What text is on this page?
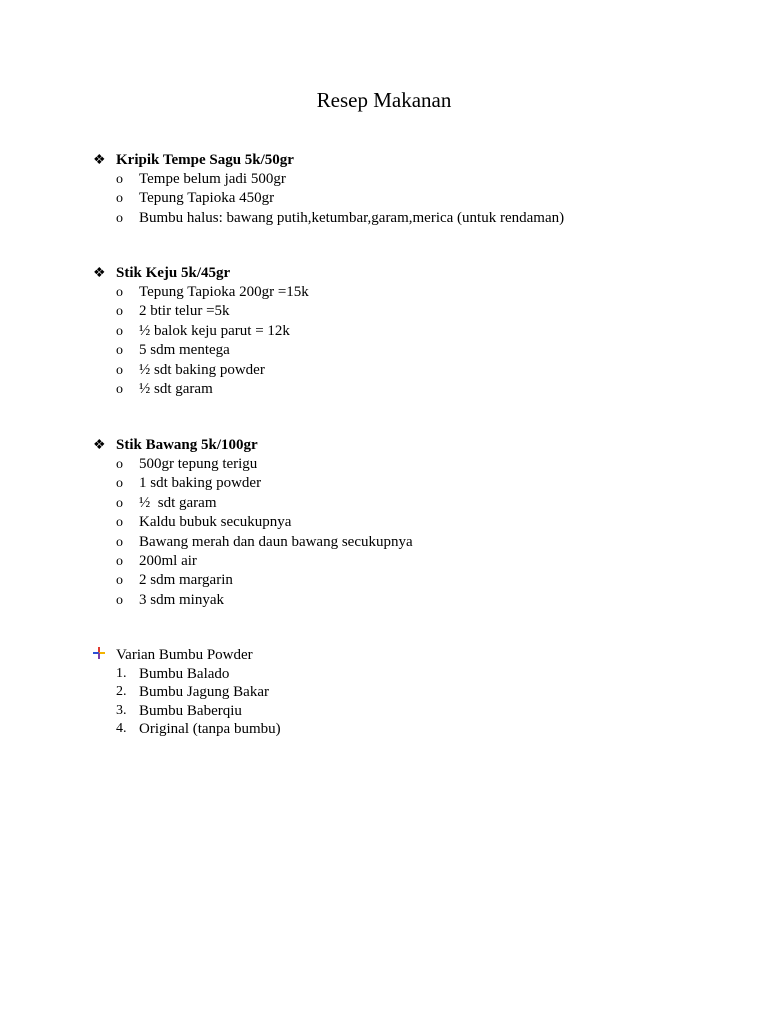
Resep Makanan
❖ Kripik Tempe Sagu 5k/50gr
o	Tempe belum jadi 500gr
o	Tepung Tapioka 450gr
o	Bumbu halus: bawang putih,ketumbar,garam,merica (untuk rendaman)
❖ Stik Keju 5k/45gr
o	Tepung Tapioka 200gr =15k
o	2 btir telur =5k
o	½ balok keju parut = 12k
o	5 sdm mentega
o	½ sdt baking powder
o	½ sdt garam
❖ Stik Bawang 5k/100gr
o	500gr tepung terigu
o	1 sdt baking powder
o	½  sdt garam
o	Kaldu bubuk secukupnya
o	Bawang merah dan daun bawang secukupnya
o	200ml air
o	2 sdm margarin
o	3 sdm minyak
Varian Bumbu Powder
1. Bumbu Balado
2. Bumbu Jagung Bakar
3. Bumbu Baberqiu
4. Original (tanpa bumbu)
